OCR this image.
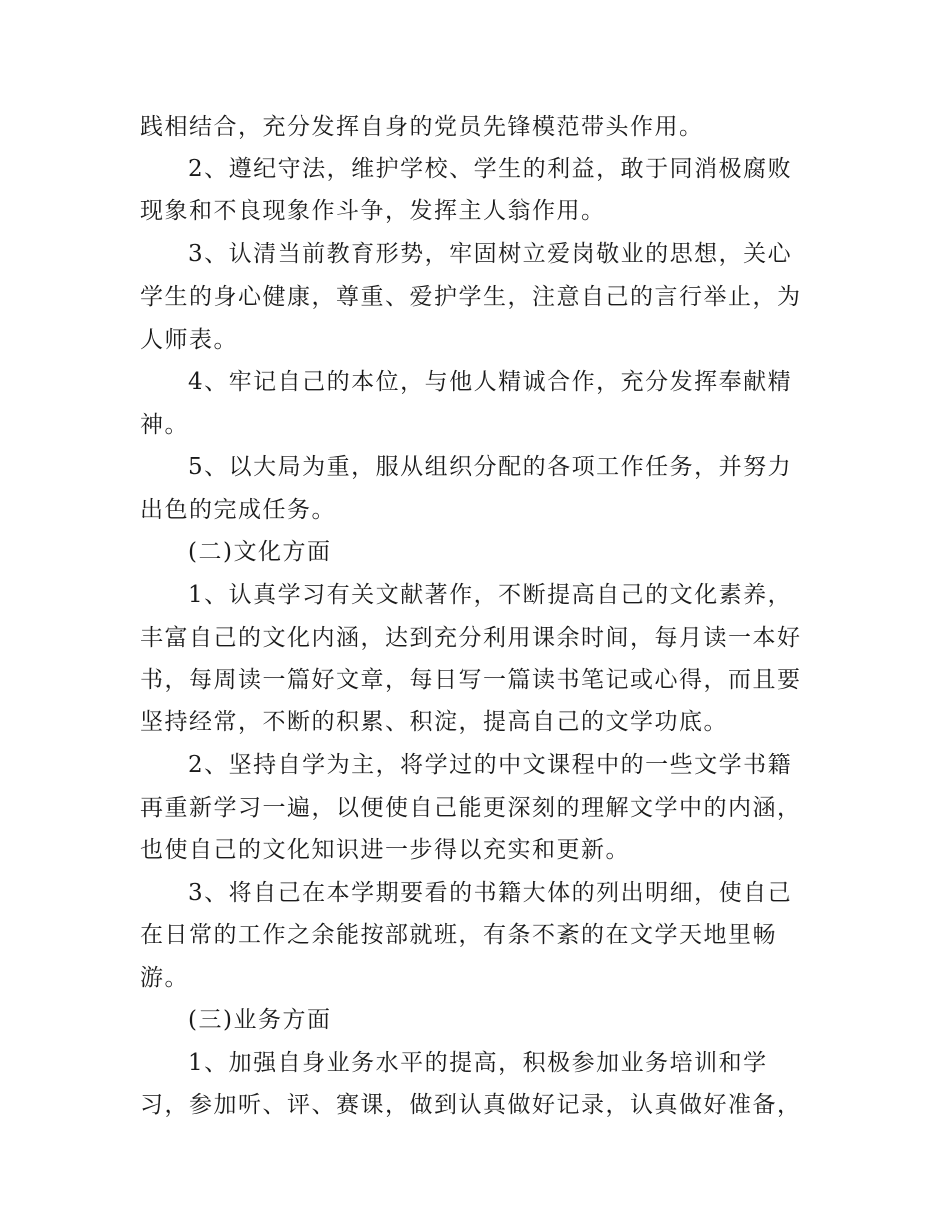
践相结合，充分发挥自身的党员先锋模范带头作用。
2、遵纪守法，维护学校、学生的利益，敢于同消极腐败
现象和不良现象作斗争，发挥主人翁作用。
3、认清当前教育形势，牢固树立爱岗敬业的思想，关心
学生的身心健康，尊重、爱护学生，注意自己的言行举止，为
人师表。
4、牢记自己的本位，与他人精诚合作，充分发挥奉献精
神。
5、以大局为重，服从组织分配的各项工作任务，并努力
出色的完成任务。
(二)文化方面
1、认真学习有关文献著作，不断提高自己的文化素养，
丰富自己的文化内涵，达到充分利用课余时间，每月读一本好
书，每周读一篇好文章，每日写一篇读书笔记或心得，而且要
坚持经常，不断的积累、积淀，提高自己的文学功底。
2、坚持自学为主，将学过的中文课程中的一些文学书籍
再重新学习一遍，以便使自己能更深刻的理解文学中的内涵，
也使自己的文化知识进一步得以充实和更新。
3、将自己在本学期要看的书籍大体的列出明细，使自己
在日常的工作之余能按部就班，有条不紊的在文学天地里畅
游。
(三)业务方面
1、加强自身业务水平的提高，积极参加业务培训和学
习，参加听、评、赛课，做到认真做好记录，认真做好准备，
